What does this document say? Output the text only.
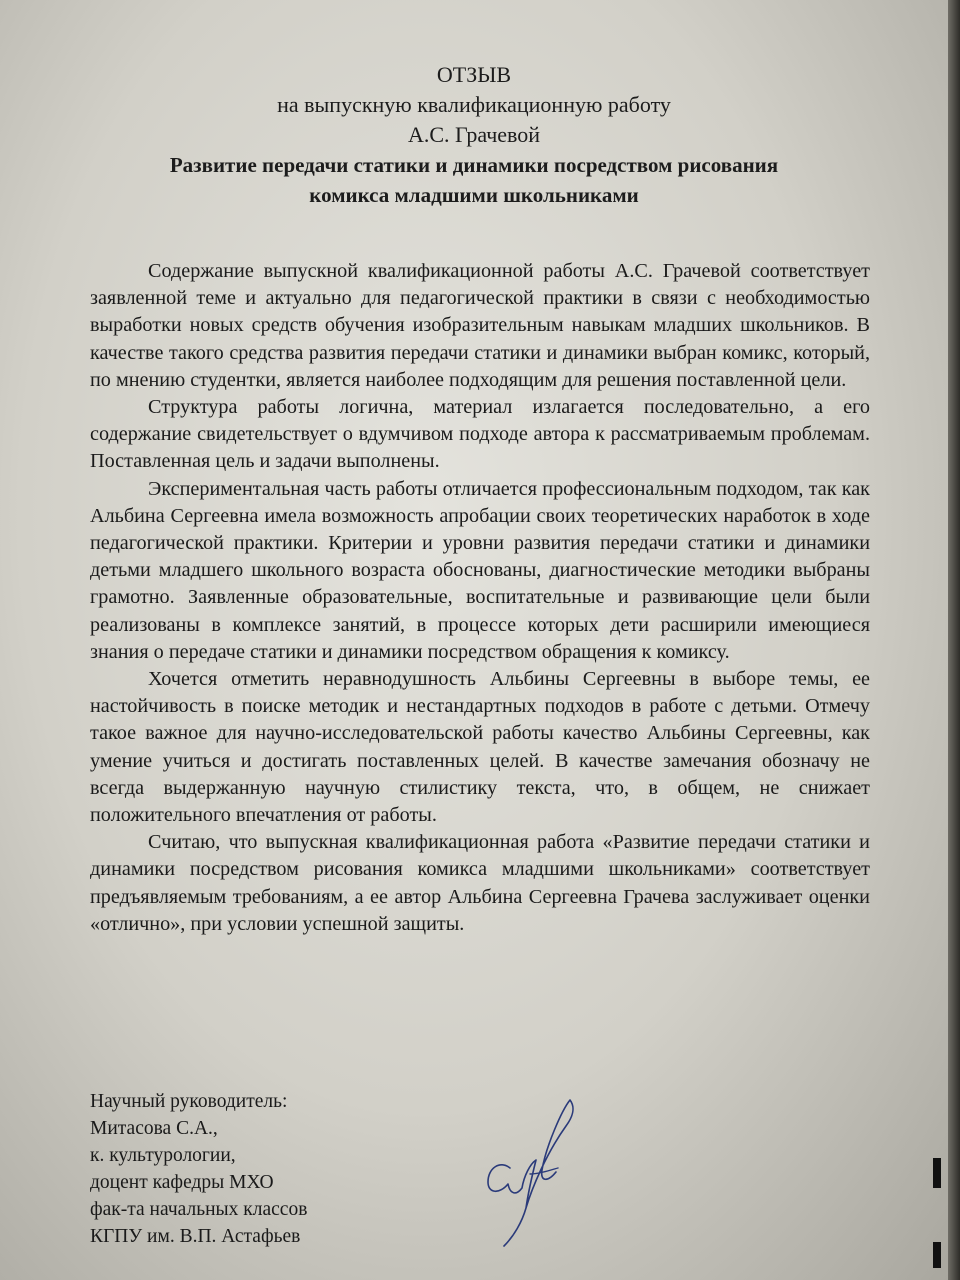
ОТЗЫВ
на выпускную квалификационную работу
А.С. Грачевой
Развитие передачи статики и динамики посредством рисования
комикса младшими школьниками

Содержание выпускной квалификационной работы А.С. Грачевой соответствует заявленной теме и актуально для педагогической практики в связи с необходимостью выработки новых средств обучения изобразительным навыкам младших школьников. В качестве такого средства развития передачи статики и динамики выбран комикс, который, по мнению студентки, является наиболее подходящим для решения поставленной цели.

Структура работы логична, материал излагается последовательно, а его содержание свидетельствует о вдумчивом подходе автора к рассматриваемым проблемам. Поставленная цель и задачи выполнены.

Экспериментальная часть работы отличается профессиональным подходом, так как Альбина Сергеевна имела возможность апробации своих теоретических наработок в ходе педагогической практики. Критерии и уровни развития передачи статики и динамики детьми младшего школьного возраста обоснованы, диагностические методики выбраны грамотно. Заявленные образовательные, воспитательные и развивающие цели были реализованы в комплексе занятий, в процессе которых дети расширили имеющиеся знания о передаче статики и динамики посредством обращения к комиксу.

Хочется отметить неравнодушность Альбины Сергеевны в выборе темы, ее настойчивость в поиске методик и нестандартных подходов в работе с детьми. Отмечу такое важное для научно-исследовательской работы качество Альбины Сергеевны, как умение учиться и достигать поставленных целей. В качестве замечания обозначу не всегда выдержанную научную стилистику текста, что, в общем, не снижает положительного впечатления от работы.

Считаю, что выпускная квалификационная работа «Развитие передачи статики и динамики посредством рисования комикса младшими школьниками» соответствует предъявляемым требованиям, а ее автор Альбина Сергеевна Грачева заслуживает оценки «отлично», при условии успешной защиты.

Научный руководитель:
Митасова С.А.,
к. культурологии,
доцент кафедры МХО
фак-та начальных классов
КГПУ им. В.П. Астафьев
